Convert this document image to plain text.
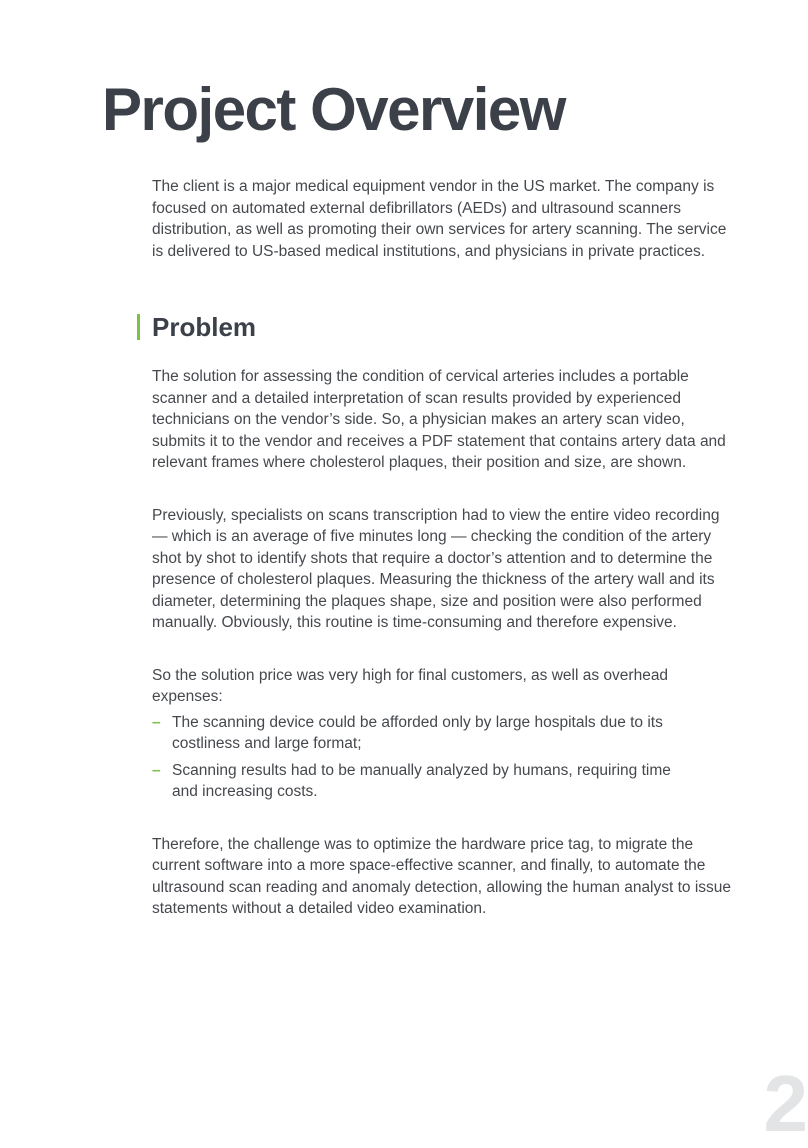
Project Overview

The client is a major medical equipment vendor in the US market. The company is focused on automated external defibrillators (AEDs) and ultrasound scanners distribution, as well as promoting their own services for artery scanning. The service is delivered to US-based medical institutions, and physicians in private practices.

Problem

The solution for assessing the condition of cervical arteries includes a portable scanner and a detailed interpretation of scan results provided by experienced technicians on the vendor’s side. So, a physician makes an artery scan video, submits it to the vendor and receives a PDF statement that contains artery data and relevant frames where cholesterol plaques, their position and size, are shown.

Previously, specialists on scans transcription had to view the entire video recording — which is an average of five minutes long — checking the condition of the artery shot by shot to identify shots that require a doctor’s attention and to determine the presence of cholesterol plaques. Measuring the thickness of the artery wall and its diameter, determining the plaques shape, size and position were also performed manually. Obviously, this routine is time-consuming and therefore expensive.

So the solution price was very high for final customers, as well as overhead expenses:

– The scanning device could be afforded only by large hospitals due to its costliness and large format;
– Scanning results had to be manually analyzed by humans, requiring time and increasing costs.

Therefore, the challenge was to optimize the hardware price tag, to migrate the current software into a more space-effective scanner, and finally, to automate the ultrasound scan reading and anomaly detection, allowing the human analyst to issue statements without a detailed video examination.

2
